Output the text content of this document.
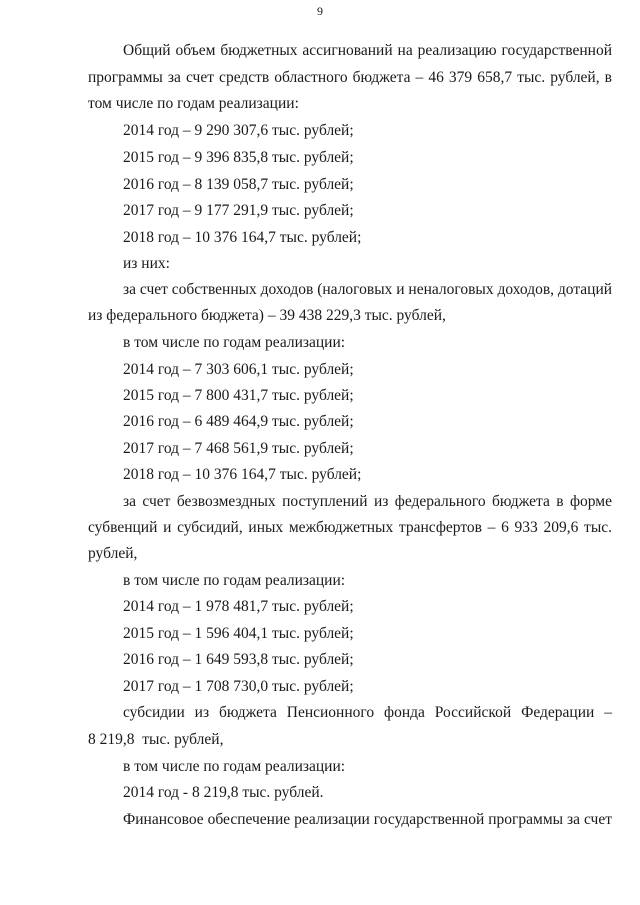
9
Общий объем бюджетных ассигнований на реализацию государственной
программы за счет средств областного бюджета – 46 379 658,7 тыс. рублей, в
том числе по годам реализации:
2014 год – 9 290 307,6 тыс. рублей;
2015 год – 9 396 835,8 тыс. рублей;
2016 год – 8 139 058,7 тыс. рублей;
2017 год – 9 177 291,9 тыс. рублей;
2018 год – 10 376 164,7 тыс. рублей;
из них:
за счет собственных доходов (налоговых и неналоговых доходов, дотаций
из федерального бюджета) – 39 438 229,3 тыс. рублей,
в том числе по годам реализации:
2014 год – 7 303 606,1 тыс. рублей;
2015 год – 7 800 431,7 тыс. рублей;
2016 год – 6 489 464,9 тыс. рублей;
2017 год – 7 468 561,9 тыс. рублей;
2018 год – 10 376 164,7 тыс. рублей;
за счет безвозмездных поступлений из федерального бюджета в форме
субвенций и субсидий, иных межбюджетных трансфертов – 6 933 209,6 тыс.
рублей,
в том числе по годам реализации:
2014 год – 1 978 481,7 тыс. рублей;
2015 год – 1 596 404,1 тыс. рублей;
2016 год – 1 649 593,8 тыс. рублей;
2017 год – 1 708 730,0 тыс. рублей;
субсидии из бюджета Пенсионного фонда Российской Федерации –
8 219,8  тыс. рублей,
в том числе по годам реализации:
2014 год - 8 219,8 тыс. рублей.
Финансовое обеспечение реализации государственной программы за счет
